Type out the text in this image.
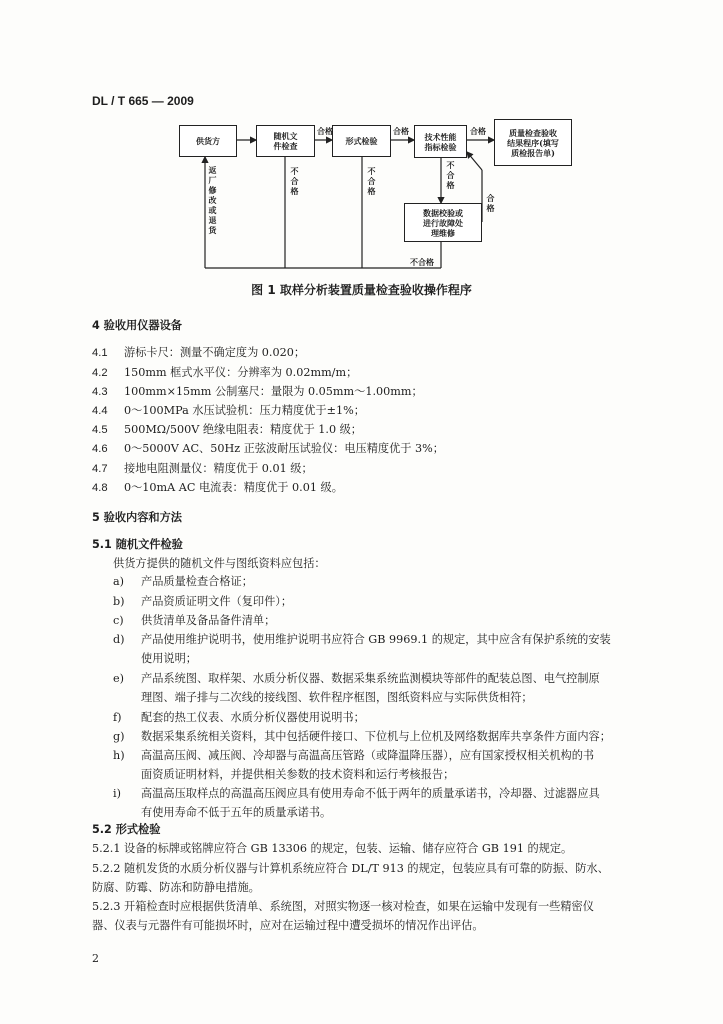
DL / T 665 — 2009
供货方	随机文
件检查	形式检验	技术性能
指标检验
质量检查验收
结果程序(填写
质检报告单)
数据校验或
进行故障处
理维修
合格	合格	合格
合格
不合格
不合格
不合格
不合格
返厂修改或退货
图 1 取样分析装置质量检查验收操作程序
4 验收用仪器设备
4.1 游标卡尺：测量不确定度为 0.020；
4.2 150mm 框式水平仪：分辨率为 0.02mm/m；
4.3 100mm×15mm 公制塞尺：量限为 0.05mm～1.00mm；
4.4 0～100MPa 水压试验机：压力精度优于±1%；
4.5 500MΩ/500V 绝缘电阻表：精度优于 1.0 级；
4.6 0～5000V AC、50Hz 正弦波耐压试验仪：电压精度优于 3%；
4.7 接地电阻测量仪：精度优于 0.01 级；
4.8 0～10mA AC 电流表：精度优于 0.01 级。
5 验收内容和方法
5.1 随机文件检验
供货方提供的随机文件与图纸资料应包括：
a) 产品质量检查合格证；
b) 产品资质证明文件（复印件）；
c) 供货清单及备品备件清单；
d) 产品使用维护说明书，使用维护说明书应符合 GB 9969.1 的规定，其中应含有保护系统的安装
使用说明；
e) 产品系统图、取样架、水质分析仪器、数据采集系统监测模块等部件的配装总图、电气控制原
理图、端子排与二次线的接线图、软件程序框图，图纸资料应与实际供货相符；
f) 配套的热工仪表、水质分析仪器使用说明书；
g) 数据采集系统相关资料，其中包括硬件接口、下位机与上位机及网络数据库共享条件方面内容；
h) 高温高压阀、减压阀、冷却器与高温高压管路（或降温降压器），应有国家授权相关机构的书
面资质证明材料，并提供相关参数的技术资料和运行考核报告；
i) 高温高压取样点的高温高压阀应具有使用寿命不低于两年的质量承诺书，冷却器、过滤器应具
有使用寿命不低于五年的质量承诺书。
5.2 形式检验
5.2.1 设备的标牌或铭牌应符合 GB 13306 的规定，包装、运输、储存应符合 GB 191 的规定。
5.2.2 随机发货的水质分析仪器与计算机系统应符合 DL/T 913 的规定，包装应具有可靠的防振、防水、
防腐、防霉、防冻和防静电措施。
5.2.3 开箱检查时应根据供货清单、系统图，对照实物逐一核对检查，如果在运输中发现有一些精密仪
器、仪表与元器件有可能损坏时，应对在运输过程中遭受损坏的情况作出评估。
2
